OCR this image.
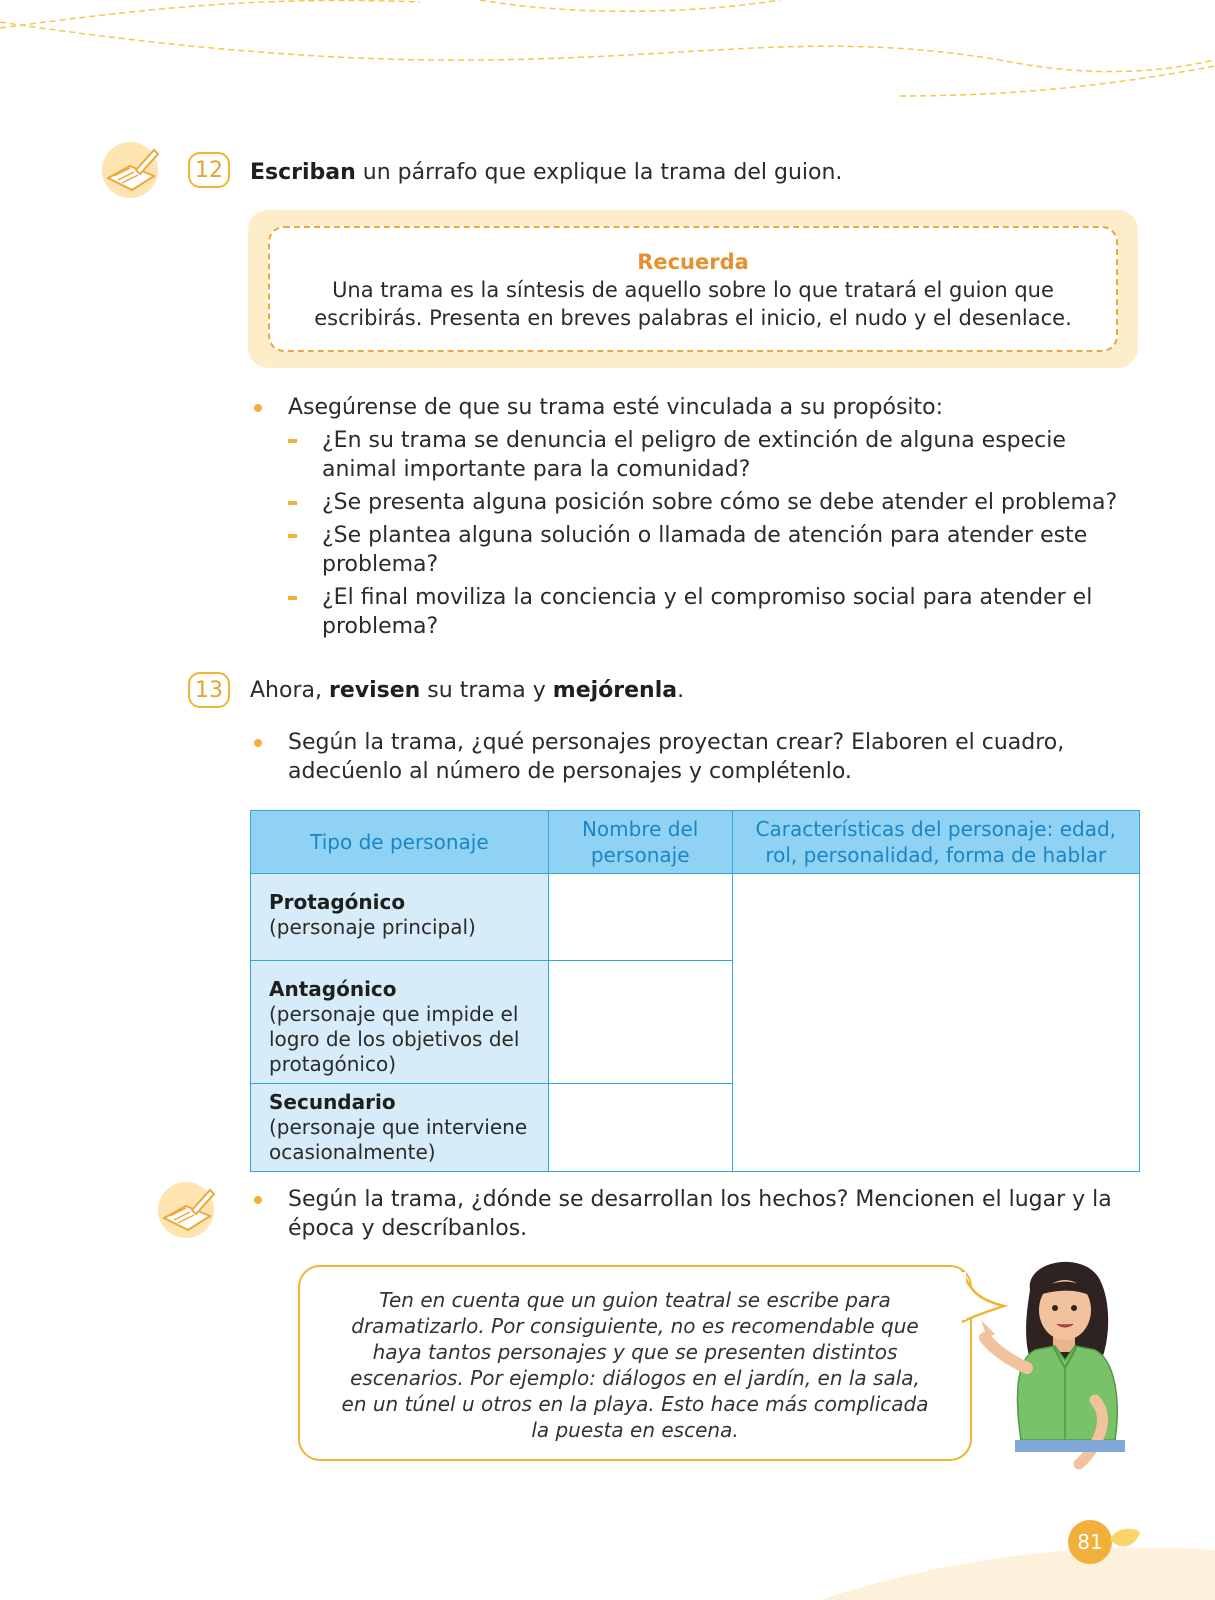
12	Escriban un párrafo que explique la trama del guion.
Recuerda
Una trama es la síntesis de aquello sobre lo que tratará el guion que escribirás. Presenta en breves palabras el inicio, el nudo y el desenlace.
Asegúrense de que su trama esté vinculada a su propósito:
¿En su trama se denuncia el peligro de extinción de alguna especie animal importante para la comunidad?
¿Se presenta alguna posición sobre cómo se debe atender el problema?
¿Se plantea alguna solución o llamada de atención para atender este problema?
¿El final moviliza la conciencia y el compromiso social para atender el problema?
13	Ahora, revisen su trama y mejórenla.
Según la trama, ¿qué personajes proyectan crear? Elaboren el cuadro, adecúenlo al número de personajes y complétenlo.
Tipo de personaje	Nombre del personaje	Características del personaje: edad, rol, personalidad, forma de hablar
Protagónico
(personaje principal)		
Antagónico
(personaje que impide el logro de los objetivos del protagónico)		
Secundario
(personaje que interviene ocasionalmente)		
Según la trama, ¿dónde se desarrollan los hechos? Mencionen el lugar y la época y descríbanlos.
Ten en cuenta que un guion teatral se escribe para dramatizarlo. Por consiguiente, no es recomendable que haya tantos personajes y que se presenten distintos escenarios. Por ejemplo: diálogos en el jardín, en la sala, en un túnel u otros en la playa. Esto hace más complicada la puesta en escena.
81
